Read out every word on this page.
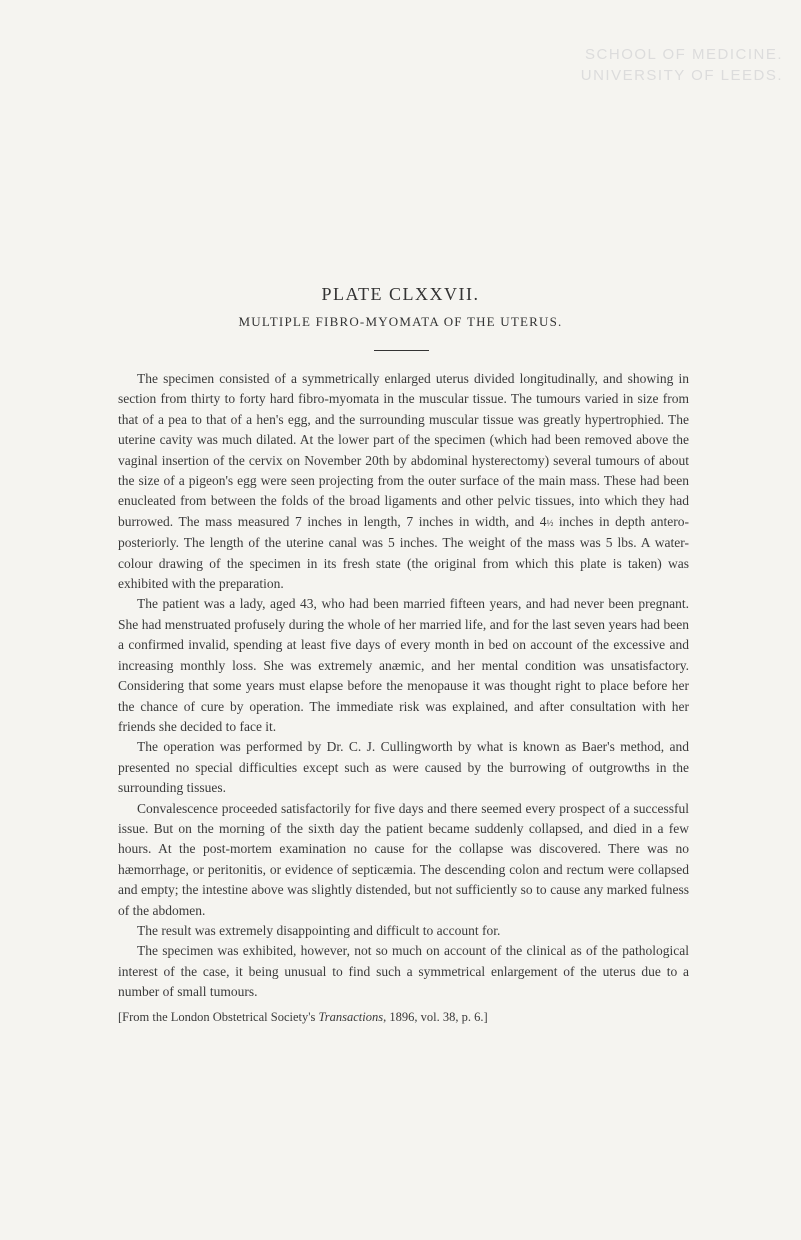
SCHOOL OF MEDICINE.
UNIVERSITY OF LEEDS.
PLATE CLXXVII.
MULTIPLE FIBRO-MYOMATA OF THE UTERUS.

The specimen consisted of a symmetrically enlarged uterus divided longitudinally, and showing in section from thirty to forty hard fibro-myomata in the muscular tissue. The tumours varied in size from that of a pea to that of a hen's egg, and the surrounding muscular tissue was greatly hypertrophied. The uterine cavity was much dilated. At the lower part of the specimen (which had been removed above the vaginal insertion of the cervix on November 20th by abdominal hysterectomy) several tumours of about the size of a pigeon's egg were seen projecting from the outer surface of the main mass. These had been enucleated from between the folds of the broad ligaments and other pelvic tissues, into which they had burrowed. The mass measured 7 inches in length, 7 inches in width, and 4½ inches in depth antero-posteriorly. The length of the uterine canal was 5 inches. The weight of the mass was 5 lbs. A water-colour drawing of the specimen in its fresh state (the original from which this plate is taken) was exhibited with the preparation.

The patient was a lady, aged 43, who had been married fifteen years, and had never been pregnant. She had menstruated profusely during the whole of her married life, and for the last seven years had been a confirmed invalid, spending at least five days of every month in bed on account of the excessive and increasing monthly loss. She was extremely anæmic, and her mental condition was unsatisfactory. Considering that some years must elapse before the menopause it was thought right to place before her the chance of cure by operation. The immediate risk was explained, and after consultation with her friends she decided to face it.

The operation was performed by Dr. C. J. Cullingworth by what is known as Baer's method, and presented no special difficulties except such as were caused by the burrowing of outgrowths in the surrounding tissues.

Convalescence proceeded satisfactorily for five days and there seemed every prospect of a successful issue. But on the morning of the sixth day the patient became suddenly collapsed, and died in a few hours. At the post-mortem examination no cause for the collapse was discovered. There was no hæmorrhage, or peritonitis, or evidence of septicæmia. The descending colon and rectum were collapsed and empty; the intestine above was slightly distended, but not sufficiently so to cause any marked fulness of the abdomen.

The result was extremely disappointing and difficult to account for.

The specimen was exhibited, however, not so much on account of the clinical as of the pathological interest of the case, it being unusual to find such a symmetrical enlargement of the uterus due to a number of small tumours.

[From the London Obstetrical Society's Transactions, 1896, vol. 38, p. 6.]
